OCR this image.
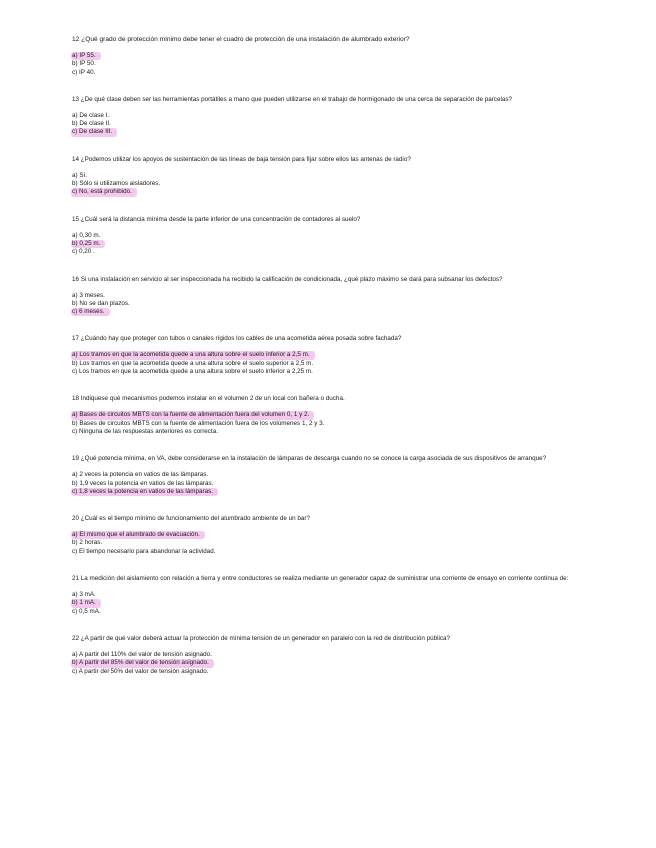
12 ¿Qué grado de protección mínimo debe tener el cuadro de protección de una instalación de alumbrado exterior?

a) IP 55.
b) IP 50.
c) IP 40.

13 ¿De qué clase deben ser las herramientas portátiles a mano que pueden utilizarse en el trabajo de hormigonado de una cerca de separación de parcelas?

a) De clase I.
b) De clase II.
c) De clase III.

14 ¿Podemos utilizar los apoyos de sustentación de las líneas de baja tensión para fijar sobre ellos las antenas de radio?

a) Sí.
b) Sólo si utilizamos aisladores.
c) No, está prohibido.

15 ¿Cuál será la distancia mínima desde la parte inferior de una concentración de contadores al suelo?

a) 0,30 m.
b) 0,25 m.
c) 0,20 .

16 Si una instalación en servicio al ser inspeccionada ha recibido la calificación de condicionada, ¿qué plazo máximo se dará para subsanar los defectos?

a) 3 meses.
b) No se dan plazos.
c) 6 meses.

17 ¿Cuándo hay que proteger con tubos o canales rígidos los cables de una acometida aérea posada sobre fachada?

a) Los tramos en que la acometida quede a una altura sobre el suelo inferior a 2,5 m.
b) Los tramos en que la acometida quede a una altura sobre el suelo superior a 2,5 m.
c) Los tramos en que la acometida quede a una altura sobre el suelo inferior a 2,25 m.

18 Indiquese qué mecanismos podemos instalar en el volumen 2 de un local con bañera o ducha.

a) Bases de circuitos MBTS con la fuente de alimentación fuera del volumen 0, 1 y 2.
b) Bases de circuitos MBTS con la fuente de alimentación fuera de los volúmenes 1, 2 y 3.
c) Ninguna de las respuestas anteriores es correcta.

19 ¿Qué potencia mínima, en VA, debe considerarse en la instalación de lámparas de descarga cuando no se conoce la carga asociada de sus dispositivos de arranque?

a) 2 veces la potencia en vatios de las lámparas.
b) 1,9 veces la potencia en vatios de las lámparas.
c) 1,8 veces la potencia en vatios de las lámparas.

20 ¿Cuál es el tiempo mínimo de funcionamiento del alumbrado ambiente de un bar?

a) El mismo que el alumbrado de evacuación.
b) 2 horas.
c) El tiempo necesario para abandonar la actividad.

21 La medición del aislamiento con relación a tierra y entre conductores se realiza mediante un generador capaz de suministrar una corriente de ensayo en corriente continua de:

a) 3 mA.
b) 1 mA.
c) 0,5 mA.

22 ¿A partir de qué valor deberá actuar la protección de mínima tensión de un generador en paralelo con la red de distribución pública?

a) A partir del 110% del valor de tensión asignado.
b) A partir del 85% del valor de tensión asignado.
c) A partir del 50% del valor de tensión asignado.
